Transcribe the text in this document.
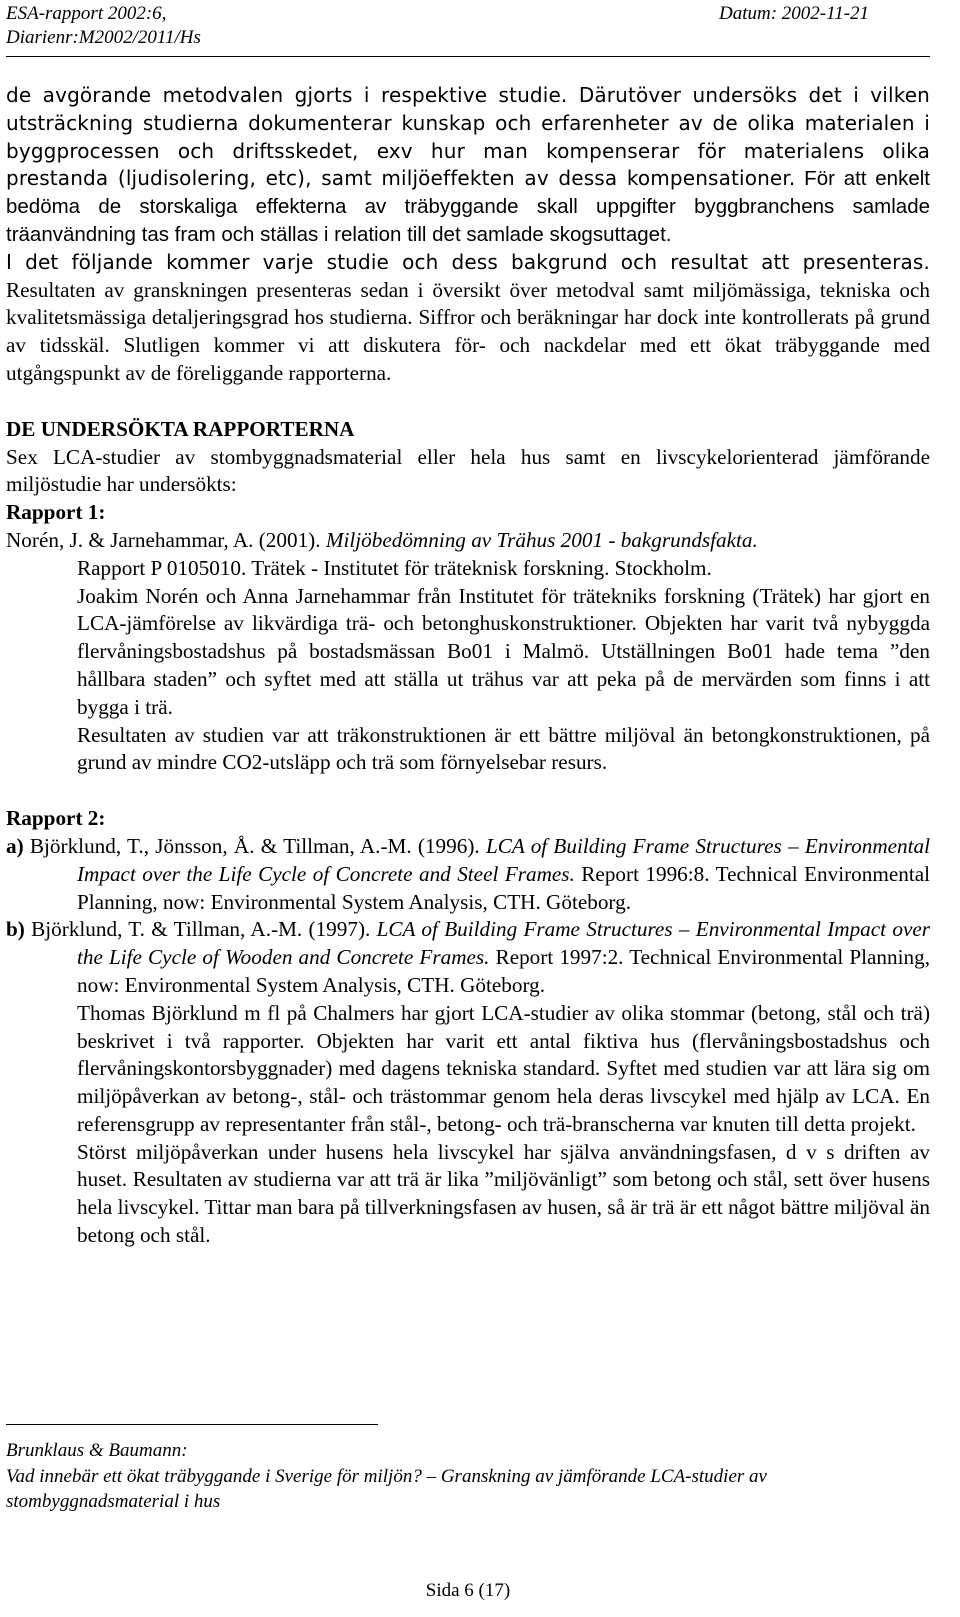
ESA-rapport 2002:6,
Diarienr:M2002/2011/Hs
Datum: 2002-11-21

de avgörande metodvalen gjorts i respektive studie. Därutöver undersöks det i vilken utsträckning studierna dokumenterar kunskap och erfarenheter av de olika materialen i byggprocessen och driftsskedet, exv hur man kompenserar för materialens olika prestanda (ljudisolering, etc), samt miljöeffekten av dessa kompensationer. För att enkelt bedöma de storskaliga effekterna av träbyggande skall uppgifter byggbranchens samlade träanvändning tas fram och ställas i relation till det samlade skogsuttaget.

I det följande kommer varje studie och dess bakgrund och resultat att presenteras. Resultaten av granskningen presenteras sedan i översikt över metodval samt miljömässiga, tekniska och kvalitetsmässiga detaljeringsgrad hos studierna. Siffror och beräkningar har dock inte kontrollerats på grund av tidsskäl. Slutligen kommer vi att diskutera för- och nackdelar med ett ökat träbyggande med utgångspunkt av de föreliggande rapporterna.

DE UNDERSÖKTA RAPPORTERNA

Sex LCA-studier av stombyggnadsmaterial eller hela hus samt en livscykelorienterad jämförande miljöstudie har undersökts:

Rapport 1:

Norén, J. & Jarnehammar, A. (2001). Miljöbedömning av Trähus 2001 - bakgrundsfakta.
Rapport P 0105010. Trätek - Institutet för träteknisk forskning. Stockholm.

Joakim Norén och Anna Jarnehammar från Institutet för trätekniks forskning (Trätek) har gjort en LCA-jämförelse av likvärdiga trä- och betonghuskonstruktioner. Objekten har varit två nybyggda flervåningsbostadshus på bostadsmässan Bo01 i Malmö. Utställningen Bo01 hade tema ”den hållbara staden” och syftet med att ställa ut trähus var att peka på de mervärden som finns i att bygga i trä.

Resultaten av studien var att träkonstruktionen är ett bättre miljöval än betongkonstruktionen, på grund av mindre CO2-utsläpp och trä som förnyelsebar resurs.

Rapport 2:

a) Björklund, T., Jönsson, Å. & Tillman, A.-M. (1996). LCA of Building Frame Structures – Environmental Impact over the Life Cycle of Concrete and Steel Frames. Report 1996:8. Technical Environmental Planning, now: Environmental System Analysis, CTH. Göteborg.

b) Björklund, T. & Tillman, A.-M. (1997). LCA of Building Frame Structures – Environmental Impact over the Life Cycle of Wooden and Concrete Frames. Report 1997:2. Technical Environmental Planning, now: Environmental System Analysis, CTH. Göteborg.

Thomas Björklund m fl på Chalmers har gjort LCA-studier av olika stommar (betong, stål och trä) beskrivet i två rapporter. Objekten har varit ett antal fiktiva hus (flervåningsbostadshus och flervåningskontorsbyggnader) med dagens tekniska standard. Syftet med studien var att lära sig om miljöpåverkan av betong-, stål- och trästommar genom hela deras livscykel med hjälp av LCA. En referensgrupp av representanter från stål-, betong- och trä-branscherna var knuten till detta projekt.

Störst miljöpåverkan under husens hela livscykel har själva användningsfasen, d v s driften av huset. Resultaten av studierna var att trä är lika ”miljövänligt” som betong och stål, sett över husens hela livscykel. Tittar man bara på tillverkningsfasen av husen, så är trä är ett något bättre miljöval än betong och stål.

Brunklaus & Baumann:
Vad innebär ett ökat träbyggande i Sverige för miljön? – Granskning av jämförande LCA-studier av stombyggnadsmaterial i hus
Sida 6 (17)
